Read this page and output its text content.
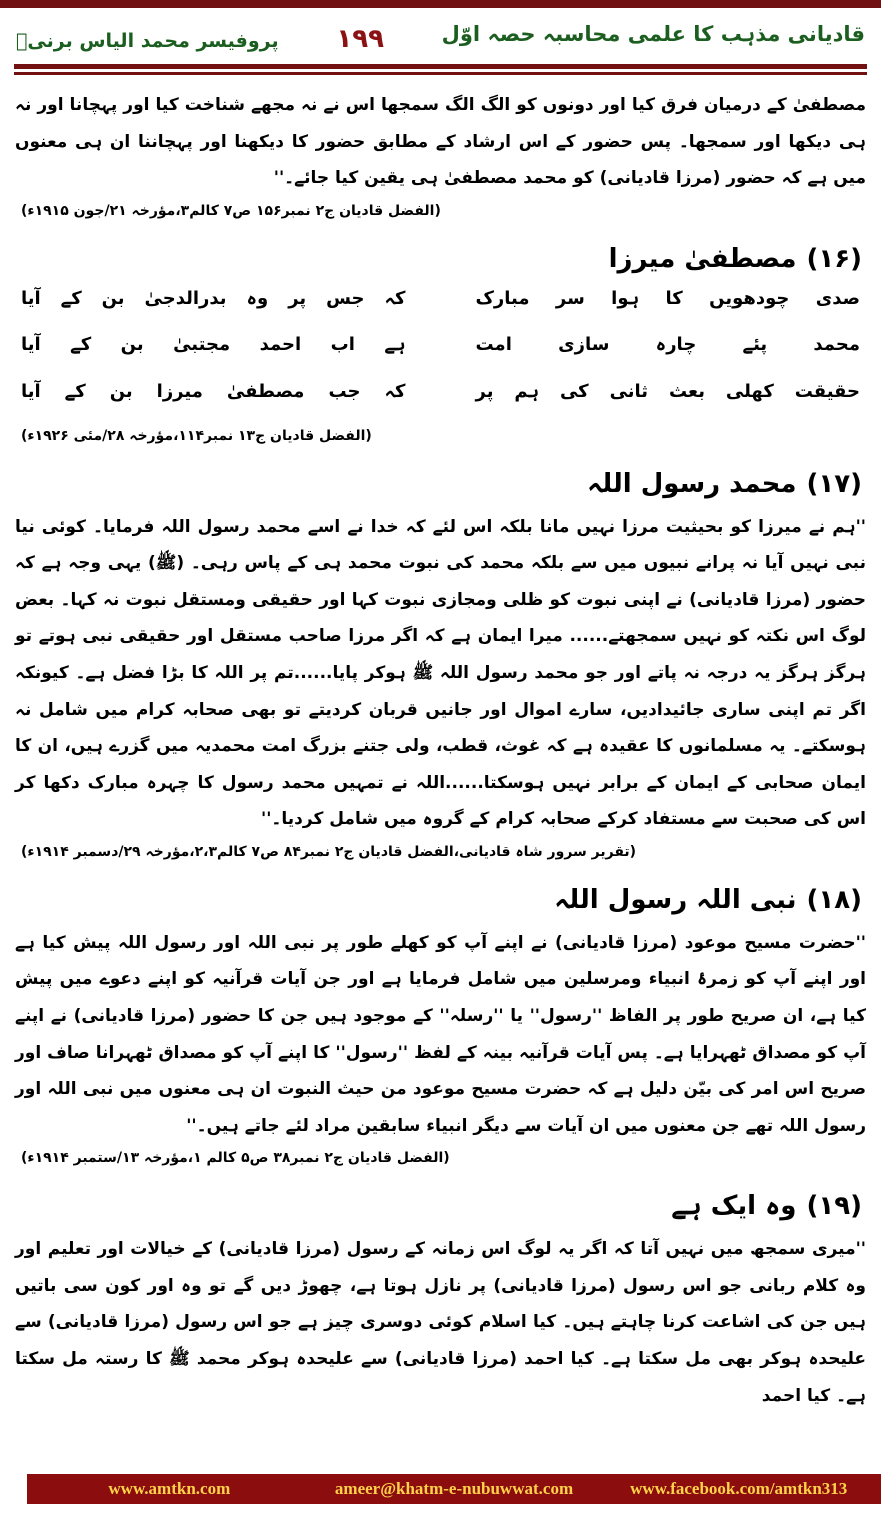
قادیانی مذہب کا علمی محاسبہ حصہ اوّل
۱۹۹
پروفیسر محمد الیاس برنیؒ

مصطفیٰ کے درمیان فرق کیا اور دونوں کو الگ الگ سمجھا اس نے نہ مجھے شناخت کیا اور پہچانا اور نہ ہی دیکھا اور سمجھا۔ پس حضور کے اس ارشاد کے مطابق حضور کا دیکھنا اور پہچاننا ان ہی معنوں میں ہے کہ حضور (مرزا قادیانی) کو محمد مصطفیٰ ہی یقین کیا جائے۔''

(الفضل قادیان ج۲ نمبر۱۵۶ ص۷ کالم۳،مؤرخہ ۲۱/جون ۱۹۱۵ء)

(۱۶)مصطفیٰ میرزا
صدی چودھویں کا ہوا سر مبارک
کہ جس پر وہ بدرالدجیٰ بن کے آیا
محمد پئے چارہ سازی امت
ہے اب احمد مجتبیٰ بن کے آیا
حقیقت کھلی بعث ثانی کی ہم پر
کہ جب مصطفیٰ میرزا بن کے آیا

(الفضل قادیان ج۱۳ نمبر۱۱۴،مؤرخہ ۲۸/مئی ۱۹۲۶ء)

(۱۷)محمد رسول اللہ

''ہم نے میرزا کو بحیثیت مرزا نہیں مانا بلکہ اس لئے کہ خدا نے اسے محمد رسول اللہ فرمایا۔ کوئی نیا نبی نہیں آیا نہ پرانے نبیوں میں سے بلکہ محمد کی نبوت محمد ہی کے پاس رہی۔ (ﷺ) یہی وجہ ہے کہ حضور (مرزا قادیانی) نے اپنی نبوت کو ظلی ومجازی نبوت کہا اور حقیقی ومستقل نبوت نہ کہا۔ بعض لوگ اس نکتہ کو نہیں سمجھتے...... میرا ایمان ہے کہ اگر مرزا صاحب مستقل اور حقیقی نبی ہوتے تو ہرگز ہرگز یہ درجہ نہ پاتے اور جو محمد رسول اللہ ﷺ ہوکر پایا......تم پر اللہ کا بڑا فضل ہے۔ کیونکہ اگر تم اپنی ساری جائیدادیں، سارے اموال اور جانیں قربان کردیتے تو بھی صحابہ کرام میں شامل نہ ہوسکتے۔ یہ مسلمانوں کا عقیدہ ہے کہ غوث، قطب، ولی جتنے بزرگ امت محمدیہ میں گزرے ہیں، ان کا ایمان صحابی کے ایمان کے برابر نہیں ہوسکتا......اللہ نے تمہیں محمد رسول کا چہرہ مبارک دکھا کر اس کی صحبت سے مستفاد کرکے صحابہ کرام کے گروہ میں شامل کردیا۔''

(تقریر سرور شاہ قادیانی،الفضل قادیان ج۲ نمبر۸۴ ص۷ کالم۲،۳،مؤرخہ ۲۹/دسمبر ۱۹۱۴ء)

(۱۸)نبی اللہ رسول اللہ

''حضرت مسیح موعود (مرزا قادیانی) نے اپنے آپ کو کھلے طور پر نبی اللہ اور رسول اللہ پیش کیا ہے اور اپنے آپ کو زمرۂ انبیاء ومرسلین میں شامل فرمایا ہے اور جن آیات قرآنیہ کو اپنے دعوے میں پیش کیا ہے، ان صریح طور پر الفاظ ''رسول'' یا ''رسلہ'' کے موجود ہیں جن کا حضور (مرزا قادیانی) نے اپنے آپ کو مصداق ٹھہرایا ہے۔ پس آیات قرآنیہ بینہ کے لفظ ''رسول'' کا اپنے آپ کو مصداق ٹھہرانا صاف اور صریح اس امر کی بیّن دلیل ہے کہ حضرت مسیح موعود من حیث النبوت ان ہی معنوں میں نبی اللہ اور رسول اللہ تھے جن معنوں میں ان آیات سے دیگر انبیاء سابقین مراد لئے جاتے ہیں۔''

(الفضل قادیان ج۲ نمبر۳۸ ص۵ کالم ۱،مؤرخہ ۱۳/ستمبر ۱۹۱۴ء)

(۱۹)وہ ایک ہے

''میری سمجھ میں نہیں آتا کہ اگر یہ لوگ اس زمانہ کے رسول (مرزا قادیانی) کے خیالات اور تعلیم اور وہ کلام ربانی جو اس رسول (مرزا قادیانی) پر نازل ہوتا ہے، چھوڑ دیں گے تو وہ اور کون سی باتیں ہیں جن کی اشاعت کرنا چاہتے ہیں۔ کیا اسلام کوئی دوسری چیز ہے جو اس رسول (مرزا قادیانی) سے علیحدہ ہوکر بھی مل سکتا ہے۔ کیا احمد (مرزا قادیانی) سے علیحدہ ہوکر محمد ﷺ کا رستہ مل سکتا ہے۔ کیا احمد

www.amtkn.com	ameer@khatm-e-nubuwwat.com	www.facebook.com/amtkn313
